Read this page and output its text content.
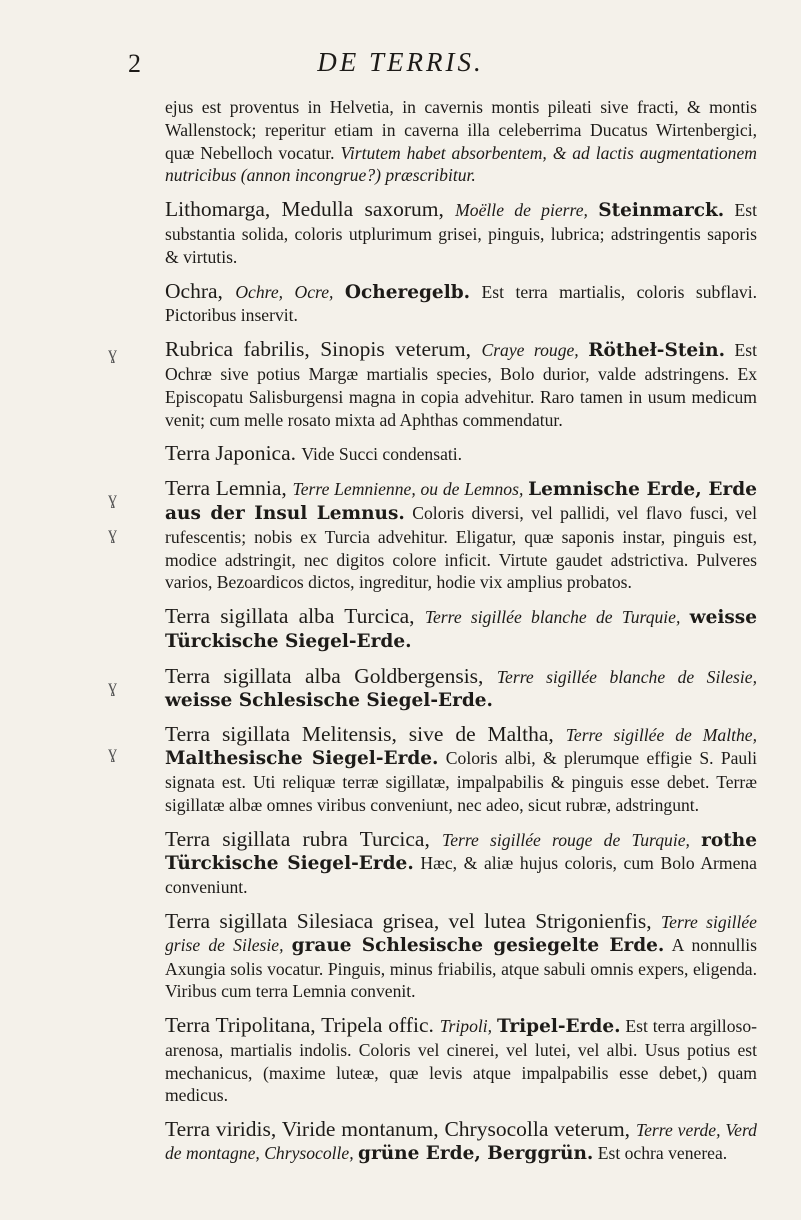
2	DE TERRIS.
ɣ
ɣ
ɣ
ɣ
ɣ

ejus est proventus in Helvetia, in cavernis montis pileati sive fracti, & montis Wallenstock; reperitur etiam in caverna illa celeberrima Ducatus Wirtenbergici, quæ Nebelloch vocatur. Virtutem habet absorbentem, & ad lactis augmentationem nutricibus (annon incongrue?) præscribitur.

Lithomarga, Medulla saxorum, Moëlle de pierre, Steinmarck. Est substantia solida, coloris utplurimum grisei, pinguis, lubrica; adstringentis saporis & virtutis.

Ochra, Ochre, Ocre, Ocheregelb. Est terra martialis, coloris subflavi. Pictoribus inservit.

Rubrica fabrilis, Sinopis veterum, Craye rouge, Rötheł-Stein. Est Ochræ sive potius Margæ martialis species, Bolo durior, valde adstringens. Ex Episcopatu Salisburgensi magna in copia advehitur. Raro tamen in usum medicum venit; cum melle rosato mixta ad Aphthas commendatur.

Terra Japonica. Vide Succi condensati.

Terra Lemnia, Terre Lemnienne, ou de Lemnos, Lemnische Erde, Erde aus der Insul Lemnus. Coloris diversi, vel pallidi, vel flavo fusci, vel rufescentis; nobis ex Turcia advehitur. Eligatur, quæ saponis instar, pinguis est, modice adstringit, nec digitos colore inficit. Virtute gaudet adstrictiva. Pulveres varios, Bezoardicos dictos, ingreditur, hodie vix amplius probatos.

Terra sigillata alba Turcica, Terre sigillée blanche de Turquie, weisse Türckische Siegel-Erde.

Terra sigillata alba Goldbergensis, Terre sigillée blanche de Silesie, weisse Schlesische Siegel-Erde.

Terra sigillata Melitensis, sive de Maltha, Terre sigillée de Malthe, Malthesische Siegel-Erde. Coloris albi, & plerumque effigie S. Pauli signata est. Uti reliquæ terræ sigillatæ, impalpabilis & pinguis esse debet. Terræ sigillatæ albæ omnes viribus conveniunt, nec adeo, sicut rubræ, adstringunt.

Terra sigillata rubra Turcica, Terre sigillée rouge de Turquie, rothe Türckische Siegel-Erde. Hæc, & aliæ hujus coloris, cum Bolo Armena conveniunt.

Terra sigillata Silesiaca grisea, vel lutea Strigonienfis, Terre sigillée grise de Silesie, graue Schlesische gesiegelte Erde. A nonnullis Axungia solis vocatur. Pinguis, minus friabilis, atque sabuli omnis expers, eligenda. Viribus cum terra Lemnia convenit.

Terra Tripolitana, Tripela offic. Tripoli, Tripel-Erde. Est terra argilloso-arenosa, martialis indolis. Coloris vel cinerei, vel lutei, vel albi. Usus potius est mechanicus, (maxime luteæ, quæ levis atque impalpabilis esse debet,) quam medicus.

Terra viridis, Viride montanum, Chrysocolla veterum, Terre verde, Verd de montagne, Chrysocolle, grüne Erde, Berggrün. Est ochra venerea.
